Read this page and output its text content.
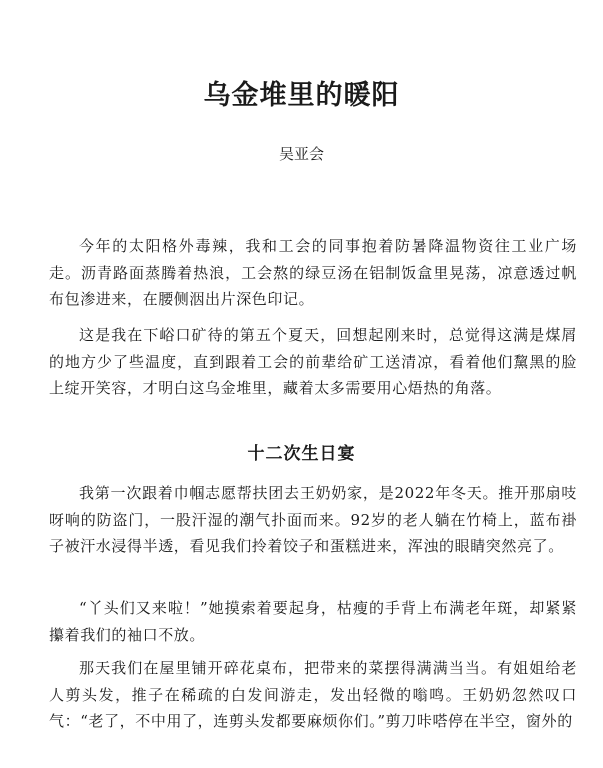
乌金堆里的暖阳
吴亚会

今年的太阳格外毒辣，我和工会的同事抱着防暑降温物资往工业广场走。沥青路面蒸腾着热浪，工会熬的绿豆汤在铝制饭盒里晃荡，凉意透过帆布包渗进来，在腰侧洇出片深色印记。

这是我在下峪口矿待的第五个夏天，回想起刚来时，总觉得这满是煤屑的地方少了些温度，直到跟着工会的前辈给矿工送清凉，看着他们黧黑的脸上绽开笑容，才明白这乌金堆里，藏着太多需要用心焐热的角落。

十二次生日宴

我第一次跟着巾帼志愿帮扶团去王奶奶家，是2022年冬天。推开那扇吱呀响的防盗门，一股汗湿的潮气扑面而来。92岁的老人躺在竹椅上，蓝布褂子被汗水浸得半透，看见我们拎着饺子和蛋糕进来，浑浊的眼睛突然亮了。

“丫头们又来啦！”她摸索着要起身，枯瘦的手背上布满老年斑，却紧紧攥着我们的袖口不放。

那天我们在屋里铺开碎花桌布，把带来的菜摆得满满当当。有姐姐给老人剪头发，推子在稀疏的白发间游走，发出轻微的嗡鸣。王奶奶忽然叹口气：“老了，不中用了，连剪头发都要麻烦你们。”剪刀咔嗒停在半空，窗外的
